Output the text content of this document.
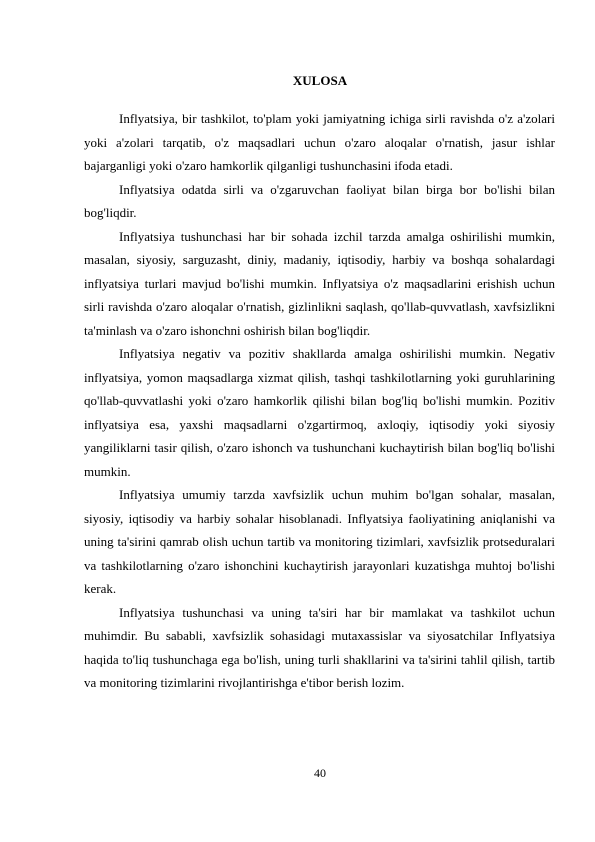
XULOSA

Inflyatsiya, bir tashkilot, to'plam yoki jamiyatning ichiga sirli ravishda o'z a'zolari yoki a'zolari tarqatib, o'z maqsadlari uchun o'zaro aloqalar o'rnatish, jasur ishlar bajarganligi yoki o'zaro hamkorlik qilganligi tushunchasini ifoda etadi.

Inflyatsiya odatda sirli va o'zgaruvchan faoliyat bilan birga bor bo'lishi bilan bog'liqdir.

Inflyatsiya tushunchasi har bir sohada izchil tarzda amalga oshirilishi mumkin, masalan, siyosiy, sarguzasht, diniy, madaniy, iqtisodiy, harbiy va boshqa sohalardagi inflyatsiya turlari mavjud bo'lishi mumkin. Inflyatsiya o'z maqsadlarini erishish uchun sirli ravishda o'zaro aloqalar o'rnatish, gizlinlikni saqlash, qo'llab-quvvatlash, xavfsizlikni ta'minlash va o'zaro ishonchni oshirish bilan bog'liqdir.

Inflyatsiya negativ va pozitiv shakllarda amalga oshirilishi mumkin. Negativ inflyatsiya, yomon maqsadlarga xizmat qilish, tashqi tashkilotlarning yoki guruhlarining qo'llab-quvvatlashi yoki o'zaro hamkorlik qilishi bilan bog'liq bo'lishi mumkin. Pozitiv inflyatsiya esa, yaxshi maqsadlarni o'zgartirmoq, axloqiy, iqtisodiy yoki siyosiy yangiliklarni tasir qilish, o'zaro ishonch va tushunchani kuchaytirish bilan bog'liq bo'lishi mumkin.

Inflyatsiya umumiy tarzda xavfsizlik uchun muhim bo'lgan sohalar, masalan, siyosiy, iqtisodiy va harbiy sohalar hisoblanadi. Inflyatsiya faoliyatining aniqlanishi va uning ta'sirini qamrab olish uchun tartib va monitoring tizimlari, xavfsizlik protseduralari va tashkilotlarning o'zaro ishonchini kuchaytirish jarayonlari kuzatishga muhtoj bo'lishi kerak.

Inflyatsiya tushunchasi va uning ta'siri har bir mamlakat va tashkilot uchun muhimdir. Bu sababli, xavfsizlik sohasidagi mutaxassislar va siyosatchilar Inflyatsiya haqida to'liq tushunchaga ega bo'lish, uning turli shakllarini va ta'sirini tahlil qilish, tartib va monitoring tizimlarini rivojlantirishga e'tibor berish lozim.

40
